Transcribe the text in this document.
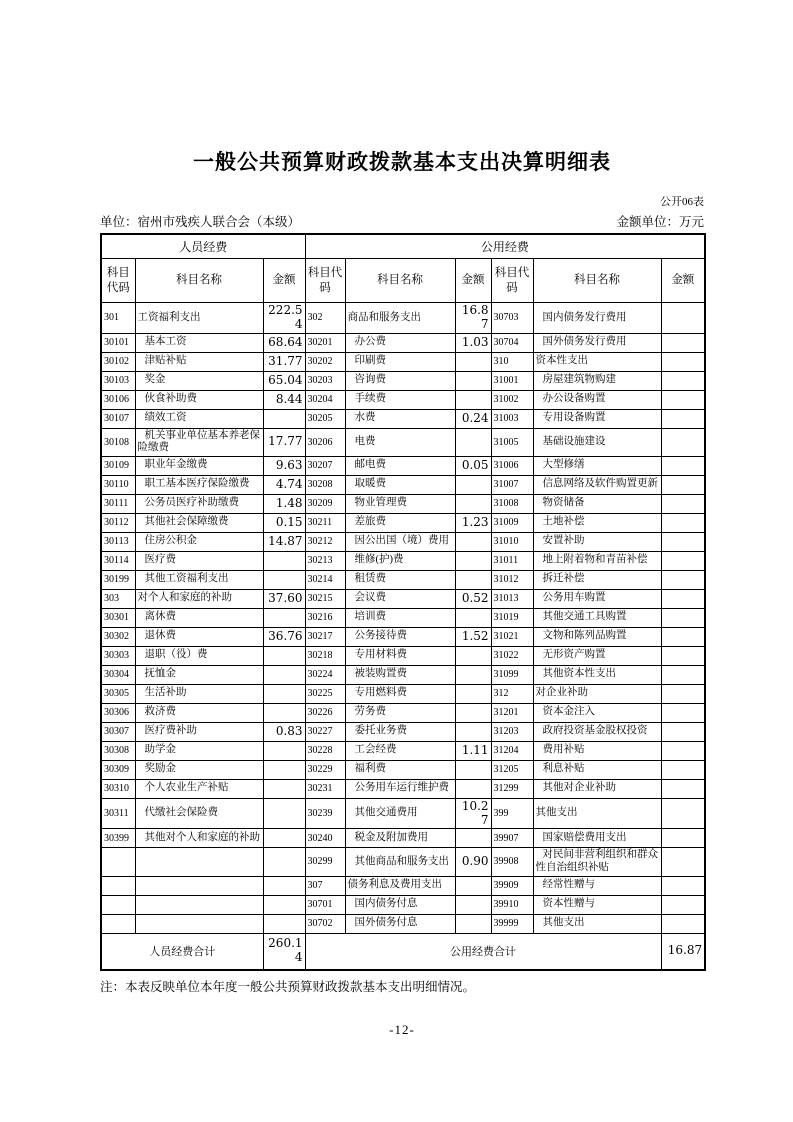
一般公共预算财政拨款基本支出决算明细表
公开06表
单位：宿州市残疾人联合会（本级）	金额单位：万元
人员经费			公用经费					
科目代码	科目名称	金额	科目代码	科目名称	金额	科目代码	科目名称	金额
301	工资福利支出	222.54	302	商品和服务支出	16.87	30703	国内债务发行费用	
30101	基本工资	68.64	30201	办公费	1.03	30704	国外债务发行费用	
30102	津贴补贴	31.77	30202	印刷费		310	资本性支出	
30103	奖金	65.04	30203	咨询费		31001	房屋建筑物购建	
30106	伙食补助费	8.44	30204	手续费		31002	办公设备购置	
30107	绩效工资		30205	水费	0.24	31003	专用设备购置	
30108	机关事业单位基本养老保险缴费	17.77	30206	电费		31005	基础设施建设	
30109	职业年金缴费	9.63	30207	邮电费	0.05	31006	大型修缮	
30110	职工基本医疗保险缴费	4.74	30208	取暖费		31007	信息网络及软件购置更新	
30111	公务员医疗补助缴费	1.48	30209	物业管理费		31008	物资储备	
30112	其他社会保障缴费	0.15	30211	差旅费	1.23	31009	土地补偿	
30113	住房公积金	14.87	30212	因公出国（境）费用		31010	安置补助	
30114	医疗费		30213	维修(护)费		31011	地上附着物和青苗补偿	
30199	其他工资福利支出		30214	租赁费		31012	拆迁补偿	
303	对个人和家庭的补助	37.60	30215	会议费	0.52	31013	公务用车购置	
30301	离休费		30216	培训费		31019	其他交通工具购置	
30302	退休费	36.76	30217	公务接待费	1.52	31021	文物和陈列品购置	
30303	退职（役）费		30218	专用材料费		31022	无形资产购置	
30304	抚恤金		30224	被装购置费		31099	其他资本性支出	
30305	生活补助		30225	专用燃料费		312	对企业补助	
30306	救济费		30226	劳务费		31201	资本金注入	
30307	医疗费补助	0.83	30227	委托业务费		31203	政府投资基金股权投资	
30308	助学金		30228	工会经费	1.11	31204	费用补贴	
30309	奖励金		30229	福利费		31205	利息补贴	
30310	个人农业生产补贴		30231	公务用车运行维护费		31299	其他对企业补助	
30311	代缴社会保险费		30239	其他交通费用	10.27	399	其他支出	
30399	其他对个人和家庭的补助		30240	税金及附加费用		39907	国家赔偿费用支出	
			30299	其他商品和服务支出	0.90	39908	对民间非营利组织和群众性自治组织补贴	
			307	债务利息及费用支出		39909	经常性赠与	
			30701	国内债务付息		39910	资本性赠与	
			30702	国外债务付息		39999	其他支出	
人员经费合计		260.14	公用经费合计					16.87
注：本表反映单位本年度一般公共预算财政拨款基本支出明细情况。
-12-
